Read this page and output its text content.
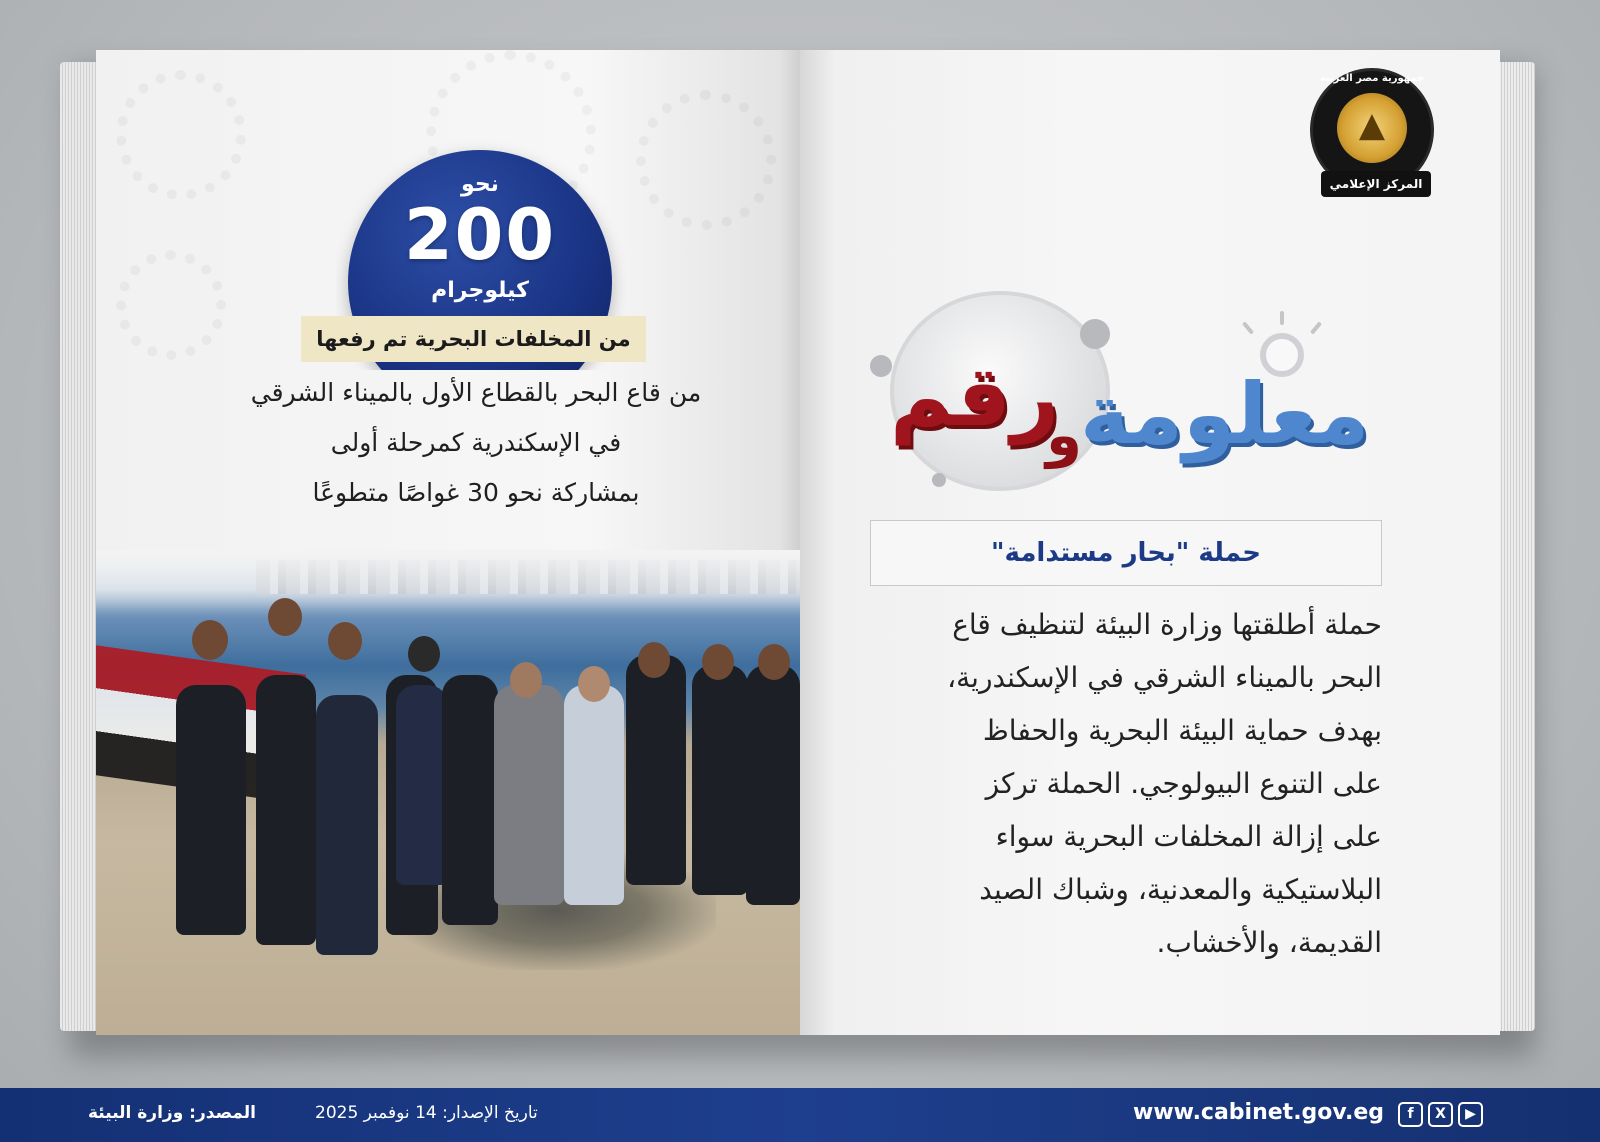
نحو
200
كيلوجرام
من المخلفات البحرية تم رفعها
من قاع البحر بالقطاع الأول بالميناء الشرقي
في الإسكندرية كمرحلة أولى
بمشاركة نحو 30 غواصًا متطوعًا
جمهورية مصر العربية
▲
المركز الإعلامي
رقم
و
معلومة
حملة "بحار مستدامة"
حملة أطلقتها وزارة البيئة لتنظيف قاع
البحر بالميناء الشرقي في الإسكندرية،
بهدف حماية البيئة البحرية والحفاظ
على التنوع البيولوجي. الحملة تركز
على إزالة المخلفات البحرية سواء
البلاستيكية والمعدنية، وشباك الصيد
القديمة، والأخشاب.
f	X	▶
www.cabinet.gov.eg
تاريخ الإصدار: 14 نوفمبر 2025
المصدر: وزارة البيئة
